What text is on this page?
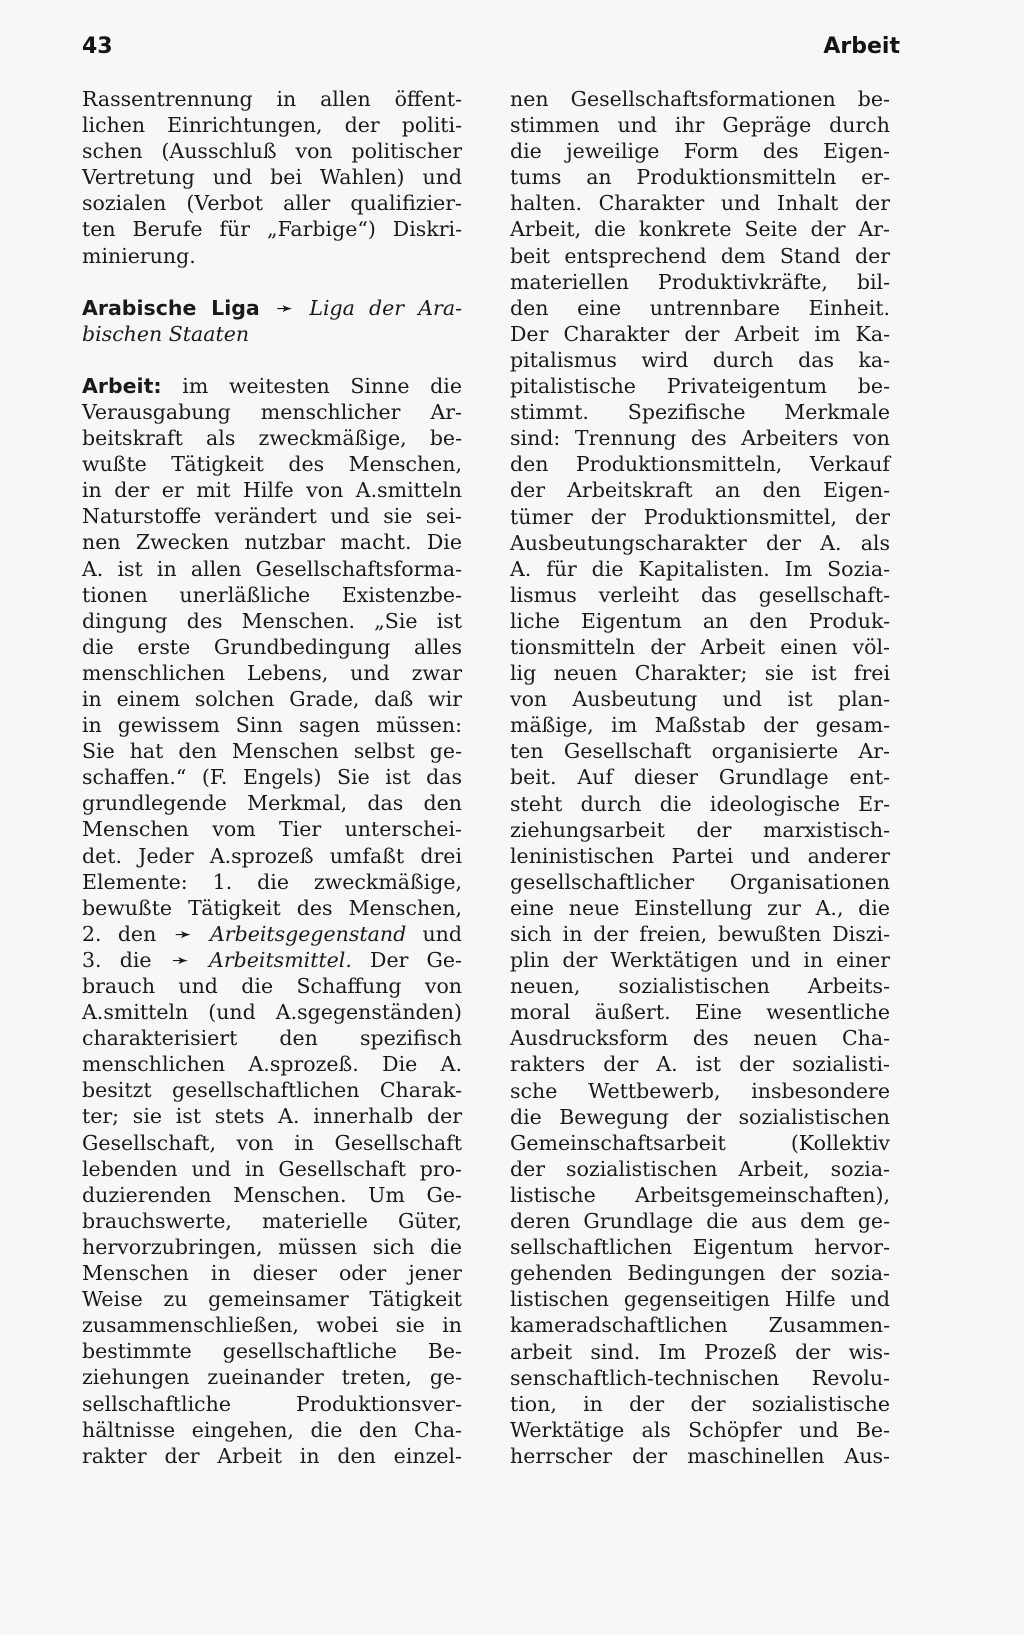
43	Arbeit
Rassentrennung in allen öffent-
lichen Einrichtungen, der politi-
schen (Ausschluß von politischer
Vertretung und bei Wahlen) und
sozialen (Verbot aller qualifizier-
ten Berufe für „Farbige“) Diskri-
minierung.
Arabische Liga ➛ Liga der Ara-
bischen Staaten
Arbeit: im weitesten Sinne die
Verausgabung menschlicher Ar-
beitskraft als zweckmäßige, be-
wußte Tätigkeit des Menschen,
in der er mit Hilfe von A.smitteln
Naturstoffe verändert und sie sei-
nen Zwecken nutzbar macht. Die
A. ist in allen Gesellschaftsforma-
tionen unerläßliche Existenzbe-
dingung des Menschen. „Sie ist
die erste Grundbedingung alles
menschlichen Lebens, und zwar
in einem solchen Grade, daß wir
in gewissem Sinn sagen müssen:
Sie hat den Menschen selbst ge-
schaffen.“ (F. Engels) Sie ist das
grundlegende Merkmal, das den
Menschen vom Tier unterschei-
det. Jeder A.sprozeß umfaßt drei
Elemente: 1. die zweckmäßige,
bewußte Tätigkeit des Menschen,
2. den ➛ Arbeitsgegenstand und
3. die ➛ Arbeitsmittel. Der Ge-
brauch und die Schaffung von
A.smitteln (und A.sgegenständen)
charakterisiert den spezifisch
menschlichen A.sprozeß. Die A.
besitzt gesellschaftlichen Charak-
ter; sie ist stets A. innerhalb der
Gesellschaft, von in Gesellschaft
lebenden und in Gesellschaft pro-
duzierenden Menschen. Um Ge-
brauchswerte, materielle Güter,
hervorzubringen, müssen sich die
Menschen in dieser oder jener
Weise zu gemeinsamer Tätigkeit
zusammenschließen, wobei sie in
bestimmte gesellschaftliche Be-
ziehungen zueinander treten, ge-
sellschaftliche Produktionsver-
hältnisse eingehen, die den Cha-
rakter der Arbeit in den einzel-
nen Gesellschaftsformationen be-
stimmen und ihr Gepräge durch
die jeweilige Form des Eigen-
tums an Produktionsmitteln er-
halten. Charakter und Inhalt der
Arbeit, die konkrete Seite der Ar-
beit entsprechend dem Stand der
materiellen Produktivkräfte, bil-
den eine untrennbare Einheit.
Der Charakter der Arbeit im Ka-
pitalismus wird durch das ka-
pitalistische Privateigentum be-
stimmt. Spezifische Merkmale
sind: Trennung des Arbeiters von
den Produktionsmitteln, Verkauf
der Arbeitskraft an den Eigen-
tümer der Produktionsmittel, der
Ausbeutungscharakter der A. als
A. für die Kapitalisten. Im Sozia-
lismus verleiht das gesellschaft-
liche Eigentum an den Produk-
tionsmitteln der Arbeit einen völ-
lig neuen Charakter; sie ist frei
von Ausbeutung und ist plan-
mäßige, im Maßstab der gesam-
ten Gesellschaft organisierte Ar-
beit. Auf dieser Grundlage ent-
steht durch die ideologische Er-
ziehungsarbeit der marxistisch-
leninistischen Partei und anderer
gesellschaftlicher Organisationen
eine neue Einstellung zur A., die
sich in der freien, bewußten Diszi-
plin der Werktätigen und in einer
neuen, sozialistischen Arbeits-
moral äußert. Eine wesentliche
Ausdrucksform des neuen Cha-
rakters der A. ist der sozialisti-
sche Wettbewerb, insbesondere
die Bewegung der sozialistischen
Gemeinschaftsarbeit (Kollektiv
der sozialistischen Arbeit, sozia-
listische Arbeitsgemeinschaften),
deren Grundlage die aus dem ge-
sellschaftlichen Eigentum hervor-
gehenden Bedingungen der sozia-
listischen gegenseitigen Hilfe und
kameradschaftlichen Zusammen-
arbeit sind. Im Prozeß der wis-
senschaftlich-technischen Revolu-
tion, in der der sozialistische
Werktätige als Schöpfer und Be-
herrscher der maschinellen Aus-
